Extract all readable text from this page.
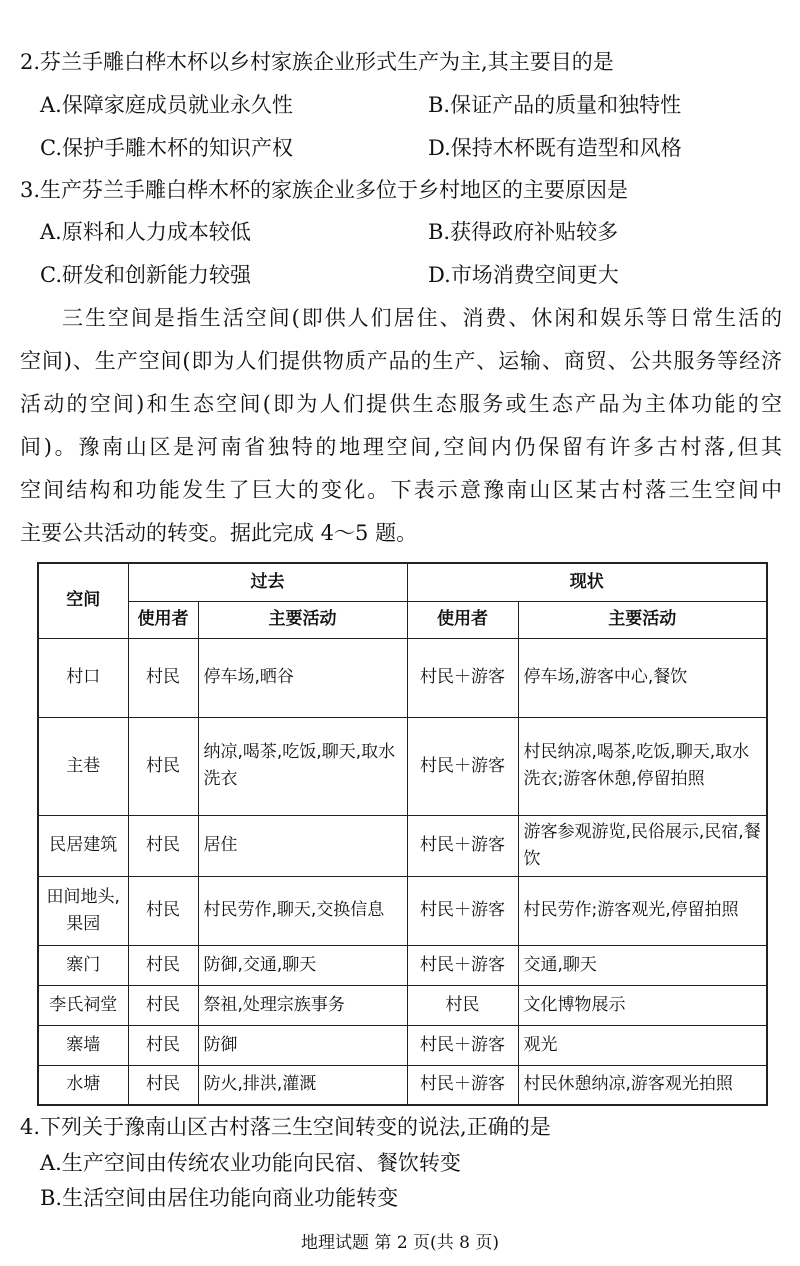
2.芬兰手雕白桦木杯以乡村家族企业形式生产为主,其主要目的是
A.保障家庭成员就业永久性	B.保证产品的质量和独特性
C.保护手雕木杯的知识产权	D.保持木杯既有造型和风格
3.生产芬兰手雕白桦木杯的家族企业多位于乡村地区的主要原因是
A.原料和人力成本较低	B.获得政府补贴较多
C.研发和创新能力较强	D.市场消费空间更大
三生空间是指生活空间(即供人们居住、消费、休闲和娱乐等日常生活的
空间)、生产空间(即为人们提供物质产品的生产、运输、商贸、公共服务等经济
活动的空间)和生态空间(即为人们提供生态服务或生态产品为主体功能的空
间)。豫南山区是河南省独特的地理空间,空间内仍保留有许多古村落,但其
空间结构和功能发生了巨大的变化。下表示意豫南山区某古村落三生空间中
主要公共活动的转变。据此完成 4～5 题。
空间	过去		现状	
	使用者	主要活动	使用者	主要活动
村口	村民	停车场,晒谷	村民＋游客	停车场,游客中心,餐饮
主巷	村民	纳凉,喝茶,吃饭,聊天,取水洗衣	村民＋游客	村民纳凉,喝茶,吃饭,聊天,取水洗衣;游客休憩,停留拍照
民居建筑	村民	居住	村民＋游客	游客参观游览,民俗展示,民宿,餐饮
田间地头,果园	村民	村民劳作,聊天,交换信息	村民＋游客	村民劳作;游客观光,停留拍照
寨门	村民	防御,交通,聊天	村民＋游客	交通,聊天
李氏祠堂	村民	祭祖,处理宗族事务	村民	文化博物展示
寨墙	村民	防御	村民＋游客	观光
水塘	村民	防火,排洪,灌溉	村民＋游客	村民休憩纳凉,游客观光拍照
4.下列关于豫南山区古村落三生空间转变的说法,正确的是
A.生产空间由传统农业功能向民宿、餐饮转变
B.生活空间由居住功能向商业功能转变
地理试题 第 2 页(共 8 页)
